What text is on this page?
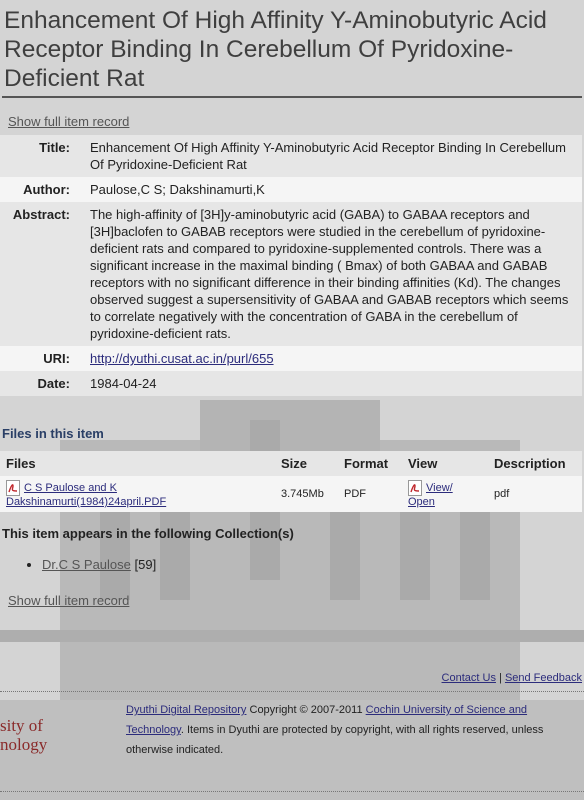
Enhancement Of High Affinity Y-Aminobutyric Acid Receptor Binding In Cerebellum Of Pyridoxine-Deficient Rat
Show full item record
Title:	Enhancement Of High Affinity Y-Aminobutyric Acid Receptor Binding In Cerebellum Of Pyridoxine-Deficient Rat
Author:	Paulose,C S; Dakshinamurti,K
Abstract:	The high-affinity of [3H]y-aminobutyric acid (GABA) to GABAA receptors and [3H]baclofen to GABAB receptors were studied in the cerebellum of pyridoxine-deficient rats and compared to pyridoxine-supplemented controls. There was a significant increase in the maximal binding ( Bmax) of both GABAA and GABAB receptors with no significant difference in their binding affinities (Kd). The changes observed suggest a supersensitivity of GABAA and GABAB receptors which seems to correlate negatively with the concentration of GABA in the cerebellum of pyridoxine-deficient rats.
URI:	http://dyuthi.cusat.ac.in/purl/655
Date:	1984-04-24
Files in this item
Files	Size	Format	View	Description
C S Paulose and K Dakshinamurti(1984)24april.PDF	3.745Mb	PDF	View/ Open	pdf
This item appears in the following Collection(s)
• Dr.C S Paulose [59]
Show full item record
Contact Us | Send Feedback
sity of
nology
Dyuthi Digital Repository Copyright © 2007-2011 Cochin University of Science and Technology. Items in Dyuthi are protected by copyright, with all rights reserved, unless otherwise indicated.
